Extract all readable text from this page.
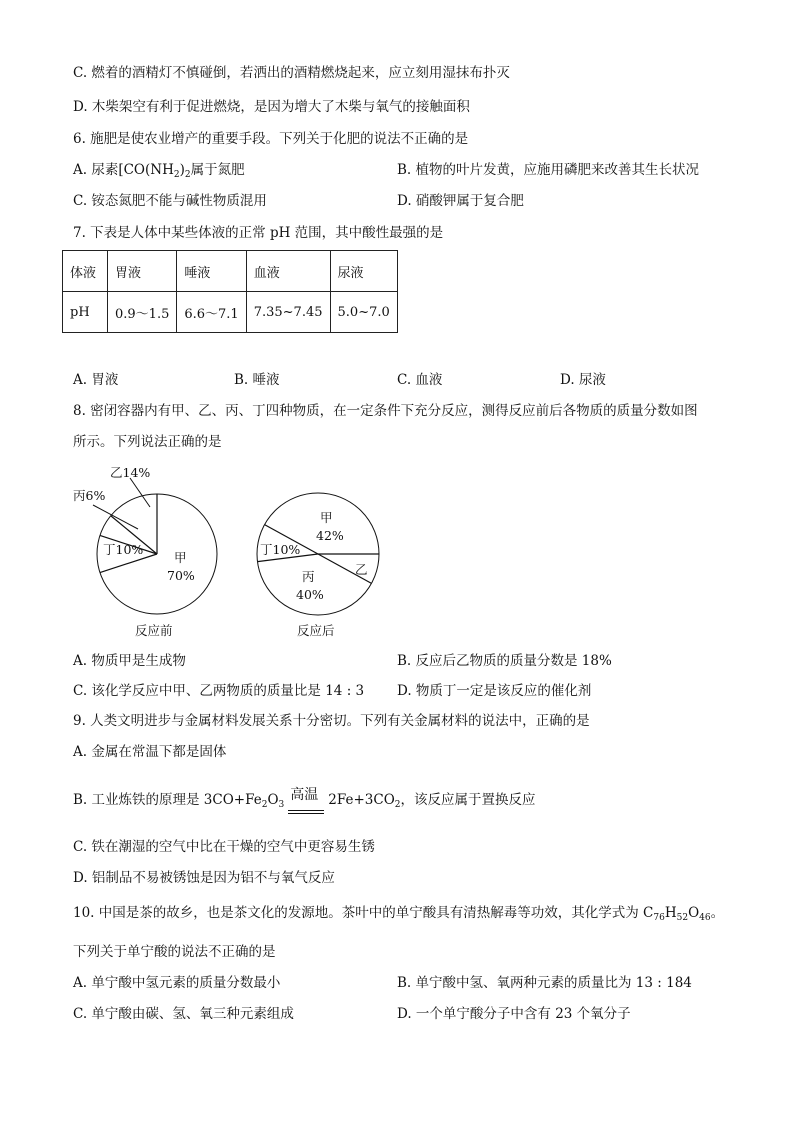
C. 燃着的酒精灯不慎碰倒，若洒出的酒精燃烧起来，应立刻用湿抹布扑灭
D. 木柴架空有利于促进燃烧，是因为增大了木柴与氧气的接触面积
6. 施肥是使农业增产的重要手段。下列关于化肥的说法不正确的是
A. 尿素[$CO(NH_2)_2$属于氮肥	B. 植物的叶片发黄，应施用磷肥来改善其生长状况
C. 铵态氮肥不能与碱性物质混用	D. 硝酸钾属于复合肥
7. 下表是人体中某些体液的正常 pH 范围，其中酸性最强的是
体液	胃液	唾液	血液	尿液
pH	0.9～1.5	6.6～7.1	7.35~7.45	5.0~7.0
A. 胃液	B. 唾液	C. 血液	D. 尿液
8. 密闭容器内有甲、乙、丙、丁四种物质，在一定条件下充分反应，测得反应前后各物质的质量分数如图
所示。下列说法正确的是
乙14%
丙6%
丁10%
甲
70%
反应前
甲
42%
丁10%
乙
丙
40%
反应后
A. 物质甲是生成物	B. 反应后乙物质的质量分数是 18%
C. 该化学反应中甲、乙两物质的质量比是 14 : 3 D. 物质丁一定是该反应的催化剂
9. 人类文明进步与金属材料发展关系十分密切。下列有关金属材料的说法中，正确的是
A. 金属在常温下都是固体
B. 工业炼铁的原理是 $3CO+Fe_2O_3$
高温 $2Fe+3CO_2$，该反应属于置换反应
C. 铁在潮湿的空气中比在干燥的空气中更容易生锈
D. 铝制品不易被锈蚀是因为铝不与氧气反应
10. 中国是茶的故乡，也是茶文化的发源地。茶叶中的单宁酸具有清热解毒等功效，其化学式为 $C_{76}H_{52}O_{46}$。
下列关于单宁酸的说法不正确的是
A. 单宁酸中氢元素的质量分数最小	B. 单宁酸中氢、氧两种元素的质量比为 13 : 184
C. 单宁酸由碳、氢、氧三种元素组成	D. 一个单宁酸分子中含有 23 个氧分子
